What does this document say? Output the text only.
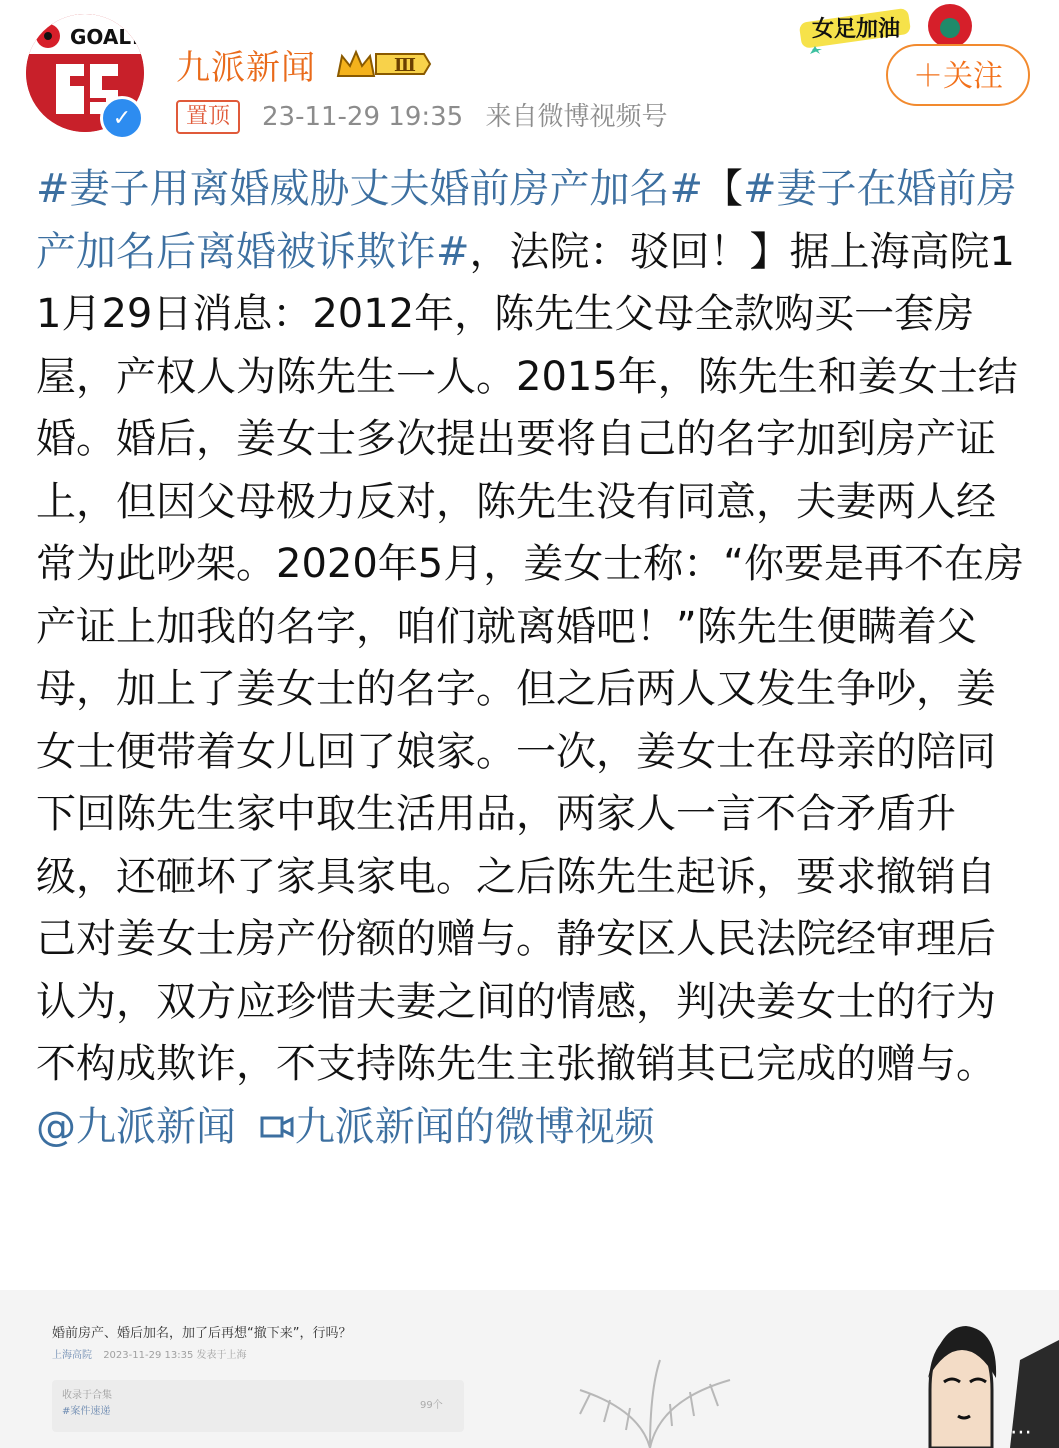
GOAL!
✓
九派新闻	Ⅲ
置顶	23-11-29 19:35 来自微博视频号
女足加油
＋关注
#妻子用离婚威胁丈夫婚前房产加名#【#妻子在婚前房产加名后离婚被诉欺诈#，法院：驳回！】据上海高院11月29日消息：2012年，陈先生父母全款购买一套房屋，产权人为陈先生一人。2015年，陈先生和姜女士结婚。婚后，姜女士多次提出要将自己的名字加到房产证上，但因父母极力反对，陈先生没有同意，夫妻两人经常为此吵架。2020年5月，姜女士称：“你要是再不在房产证上加我的名字，咱们就离婚吧！”陈先生便瞒着父母，加上了姜女士的名字。但之后两人又发生争吵，姜女士便带着女儿回了娘家。一次，姜女士在母亲的陪同下回陈先生家中取生活用品，两家人一言不合矛盾升级，还砸坏了家具家电。之后陈先生起诉，要求撤销自己对姜女士房产份额的赠与。静安区人民法院经审理后认为，双方应珍惜夫妻之间的情感，判决姜女士的行为不构成欺诈，不支持陈先生主张撤销其已完成的赠与。@九派新闻 九派新闻的微博视频
婚前房产、婚后加名，加了后再想“撤下来”，行吗？
上海高院 2023-11-29 13:35 发表于上海
收录于合集
#案件速递
99个
⋯
